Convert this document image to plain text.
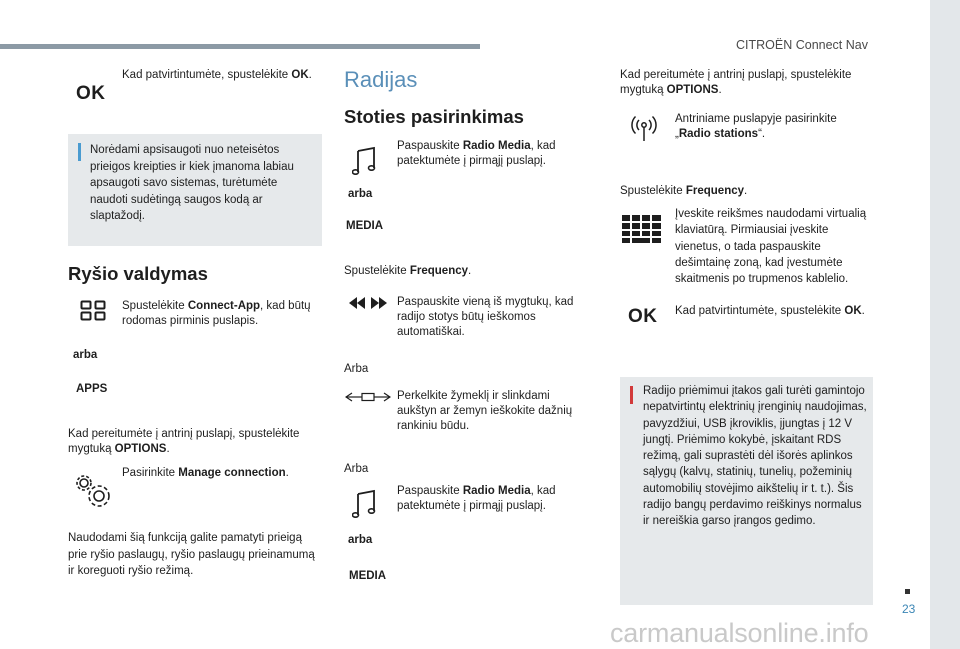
CITROËN Connect Nav
23
carmanualsonline.info
OK
Kad patvirtintumėte, spustelėkite OK.
Norėdami apsisaugoti nuo neteisėtos prieigos kreipties ir kiek įmanoma labiau apsaugoti savo sistemas, turėtumėte naudoti sudėtingą saugos kodą ar slaptažodį.
Ryšio valdymas
Spustelėkite Connect-App, kad būtų rodomas pirminis puslapis.
arba
APPS
Kad pereitumėte į antrinį puslapį, spustelėkite mygtuką OPTIONS.
Pasirinkite Manage connection.
Naudodami šią funkciją galite pamatyti prieigą prie ryšio paslaugų, ryšio paslaugų prieinamumą ir koreguoti ryšio režimą.
Radijas
Stoties pasirinkimas
Paspauskite Radio Media, kad patektumėte į pirmąjį puslapį.
arba
MEDIA
Spustelėkite Frequency.
Paspauskite vieną iš mygtukų, kad radijo stotys būtų ieškomos automatiškai.
Arba
Perkelkite žymeklį ir slinkdami aukštyn ar žemyn ieškokite dažnių rankiniu būdu.
Arba
Paspauskite Radio Media, kad patektumėte į pirmąjį puslapį.
arba
MEDIA
Kad pereitumėte į antrinį puslapį, spustelėkite mygtuką OPTIONS.
Antriniame puslapyje pasirinkite „Radio stations“.
Spustelėkite Frequency.
Įveskite reikšmes naudodami virtualią klaviatūrą. Pirmiausiai įveskite vienetus, o tada paspauskite dešimtainę zoną, kad įvestumėte skaitmenis po trupmenos kablelio.
OK Kad patvirtintumėte, spustelėkite OK.
Radijo priėmimui įtakos gali turėti gamintojo nepatvirtintų elektrinių įrenginių naudojimas, pavyzdžiui, USB įkroviklis, įjungtas į 12 V jungtį. Priėmimo kokybė, įskaitant RDS režimą, gali suprastėti dėl išorės aplinkos sąlygų (kalvų, statinių, tunelių, požeminių automobilių stovėjimo aikštelių ir t. t.). Šis radijo bangų perdavimo reiškinys normalus ir nereiškia garso įrangos gedimo.
